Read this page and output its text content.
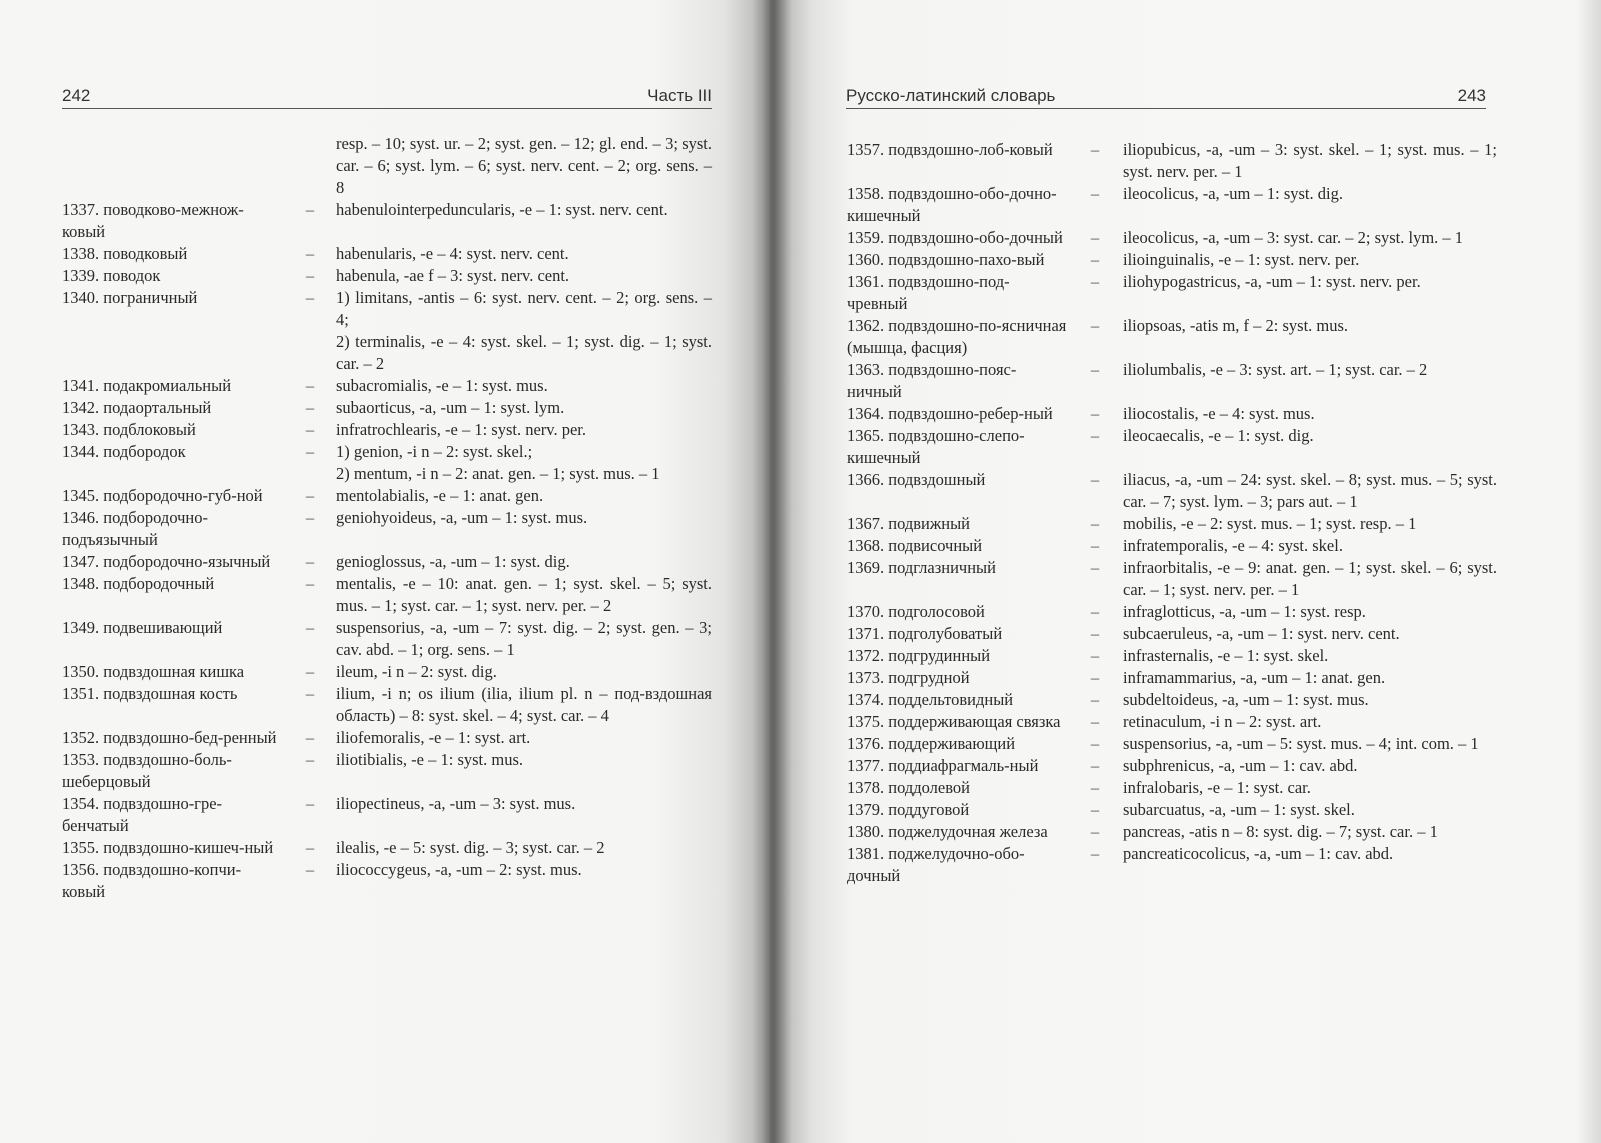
242	Часть III
resp. – 10; syst. ur. – 2; syst. gen. – 12; gl. end. – 3; syst. car. – 6; syst. lym. – 6; syst. nerv. cent. – 2; org. sens. – 8
1337. поводково-межнож-ковый
–	habenulointerpeduncularis, -e – 1: syst. nerv. cent.
1338. поводковый	–	habenularis, -e – 4: syst. nerv. cent.
1339. поводок	–	habenula, -ae f – 3: syst. nerv. cent.
1340. пограничный	–	1) limitans, -antis – 6: syst. nerv. cent. – 2; org. sens. – 4;
2) terminalis, -e – 4: syst. skel. – 1; syst. dig. – 1; syst. car. – 2
1341. подакромиальный	–	subacromialis, -e – 1: syst. mus.
1342. подаортальный	–	subaorticus, -a, -um – 1: syst. lym.
1343. подблоковый	–	infratrochlearis, -e – 1: syst. nerv. per.
1344. подбородок	–	1) genion, -i n – 2: syst. skel.;
2) mentum, -i n – 2: anat. gen. – 1; syst. mus. – 1
1345. подбородочно-губ-ной	–	mentolabialis, -e – 1: anat. gen.
1346. подбородочно-подъязычный
–	geniohyoideus, -a, -um – 1: syst. mus.
1347. подбородочно-язычный	–	genioglossus, -a, -um – 1: syst. dig.
1348. подбородочный	–	mentalis, -e – 10: anat. gen. – 1; syst. skel. – 5; syst. mus. – 1; syst. car. – 1; syst. nerv. per. – 2
1349. подвешивающий	–	suspensorius, -a, -um – 7: syst. dig. – 2; syst. gen. – 3; cav. abd. – 1; org. sens. – 1
1350. подвздошная кишка	–	ileum, -i n – 2: syst. dig.
1351. подвздошная кость	–	ilium, -i n; os ilium (ilia, ilium pl. n – под-вздошная область) – 8: syst. skel. – 4; syst. car. – 4
1352. подвздошно-бед-ренный	–	iliofemoralis, -e – 1: syst. art.
1353. подвздошно-боль-шеберцовый
–	iliotibialis, -e – 1: syst. mus.
1354. подвздошно-гре-бенчатый
–	iliopectineus, -a, -um – 3: syst. mus.
1355. подвздошно-кишеч-ный	–	ilealis, -e – 5: syst. dig. – 3; syst. car. – 2
1356. подвздошно-копчи-ковый
–	iliococcygeus, -a, -um – 2: syst. mus.
Русско-латинский словарь	243
1357. подвздошно-лоб-ковый	–	iliopubicus, -a, -um – 3: syst. skel. – 1; syst. mus. – 1; syst. nerv. per. – 1
1358. подвздошно-обо-дочно-кишечный
–	ileocolicus, -a, -um – 1: syst. dig.
1359. подвздошно-обо-дочный	–	ileocolicus, -a, -um – 3: syst. car. – 2; syst. lym. – 1
1360. подвздошно-пахо-вый	–	ilioinguinalis, -e – 1: syst. nerv. per.
1361. подвздошно-под-чревный
–	iliohypogastricus, -a, -um – 1: syst. nerv. per.
1362. подвздошно-по-ясничная (мышца, фасция)
–	iliopsoas, -atis m, f – 2: syst. mus.
1363. подвздошно-пояс-ничный
–	iliolumbalis, -e – 3: syst. art. – 1; syst. car. – 2
1364. подвздошно-ребер-ный	–	iliocostalis, -e – 4: syst. mus.
1365. подвздошно-слепо-кишечный
–	ileocaecalis, -e – 1: syst. dig.
1366. подвздошный	–	iliacus, -a, -um – 24: syst. skel. – 8; syst. mus. – 5; syst. car. – 7; syst. lym. – 3; pars aut. – 1
1367. подвижный	–	mobilis, -e – 2: syst. mus. – 1; syst. resp. – 1
1368. подвисочный	–	infratemporalis, -e – 4: syst. skel.
1369. подглазничный	–	infraorbitalis, -e – 9: anat. gen. – 1; syst. skel. – 6; syst. car. – 1; syst. nerv. per. – 1
1370. подголосовой	–	infraglotticus, -a, -um – 1: syst. resp.
1371. подголубоватый	–	subcaeruleus, -a, -um – 1: syst. nerv. cent.
1372. подгрудинный	–	infrasternalis, -e – 1: syst. skel.
1373. подгрудной	–	inframammarius, -a, -um – 1: anat. gen.
1374. поддельтовидный	–	subdeltoideus, -a, -um – 1: syst. mus.
1375. поддерживающая связка	–	retinaculum, -i n – 2: syst. art.
1376. поддерживающий	–	suspensorius, -a, -um – 5: syst. mus. – 4; int. com. – 1
1377. поддиафрагмаль-ный	–	subphrenicus, -a, -um – 1: cav. abd.
1378. поддолевой	–	infralobaris, -e – 1: syst. car.
1379. поддуговой	–	subarcuatus, -a, -um – 1: syst. skel.
1380. поджелудочная железа	–	pancreas, -atis n – 8: syst. dig. – 7; syst. car. – 1
1381. поджелудочно-обо-дочный
–	pancreaticocolicus, -a, -um – 1: cav. abd.
